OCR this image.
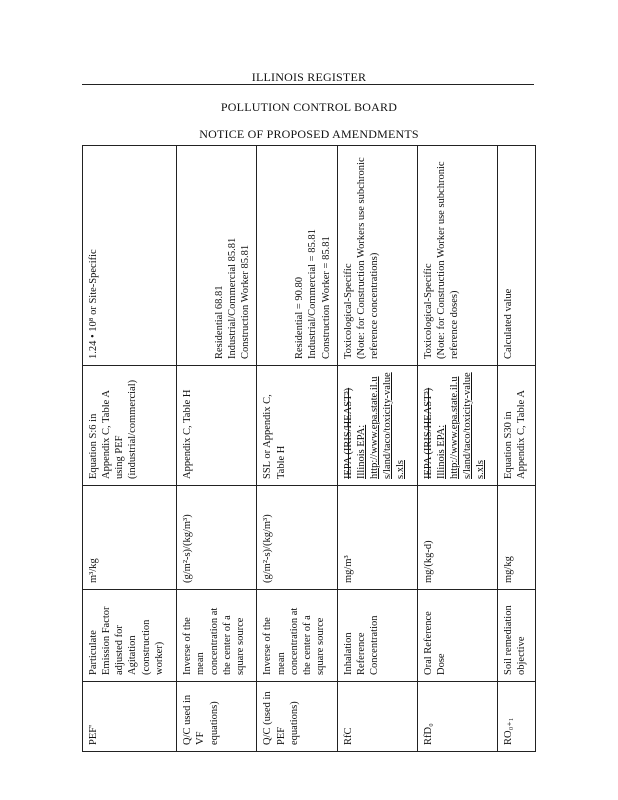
ILLINOIS REGISTER
POLLUTION CONTROL BOARD
NOTICE OF PROPOSED AMENDMENTS
PEF'	Particulate Emission Factor adjusted for Agitation (construction worker)	m³/kg	Equation S:6 in Appendix C, Table A using PEF (industrial/commercial)	1.24 • 10⁸ or Site-Specific

Q/C used in VF equations)	Inverse of the mean concentration at the center of a square source	(g/m²-s)/(kg/m³)	Appendix C, Table H	Residential 68.81 Industrial/Commercial 85.81 Construction Worker 85.81

Q/C (used in PEF equations)	Inverse of the mean concentration at the center of a square source	(g/m²-s)/(kg/m³)	SSL or Appendix C, Table H	Residential = 90.80 Industrial/Commercial = 85.81 Construction Worker = 85.81

RfC	Inhalation Reference Concentration	mg/m³	IEPA (IRIS/HEAST³) Illinois EPA: http://www.epa.state.il.us/land/taco/toxicity-values.xls	Toxicological-Specific (Note: for Construction Workers use subchronic reference concentrations)

RfD₀	Oral Reference Dose	mg/(kg-d)	IEPA (IRIS/HEAST³) Illinois EPA: http://www.epa.state.il.us/land/taco/toxicity-values.xls	Toxicological-Specific (Note: for Construction Worker use subchronic reference doses)

RO₀₊₁	Soil remediation objective	mg/kg	Equation S30 in Appendix C, Table A	Calculated value
